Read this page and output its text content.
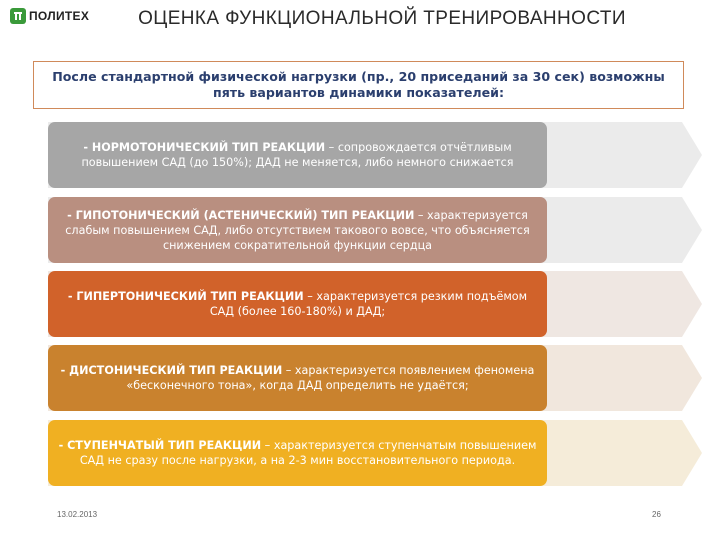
ПОЛИТЕХ	ОЦЕНКА ФУНКЦИОНАЛЬНОЙ ТРЕНИРОВАННОСТИ
После стандартной физической нагрузки (пр., 20 приседаний за 30 сек) возможны пять вариантов динамики показателей:
- НОРМОТОНИЧЕСКИЙ ТИП РЕАКЦИИ – сопровождается отчётливым повышением САД (до 150%); ДАД не меняется, либо немного снижается
- ГИПОТОНИЧЕСКИЙ (АСТЕНИЧЕСКИЙ) ТИП РЕАКЦИИ – характеризуется слабым повышением САД, либо отсутствием такового вовсе, что объясняется снижением сократительной функции сердца
- ГИПЕРТОНИЧЕСКИЙ ТИП РЕАКЦИИ – характеризуется резким подъёмом САД (более 160-180%) и ДАД;
- ДИСТОНИЧЕСКИЙ ТИП РЕАКЦИИ – характеризуется появлением феномена «бесконечного тона», когда ДАД определить не удаётся;
- СТУПЕНЧАТЫЙ ТИП РЕАКЦИИ – характеризуется ступенчатым повышением САД не сразу после нагрузки, а на 2-3 мин восстановительного периода.
13.02.2013	26
